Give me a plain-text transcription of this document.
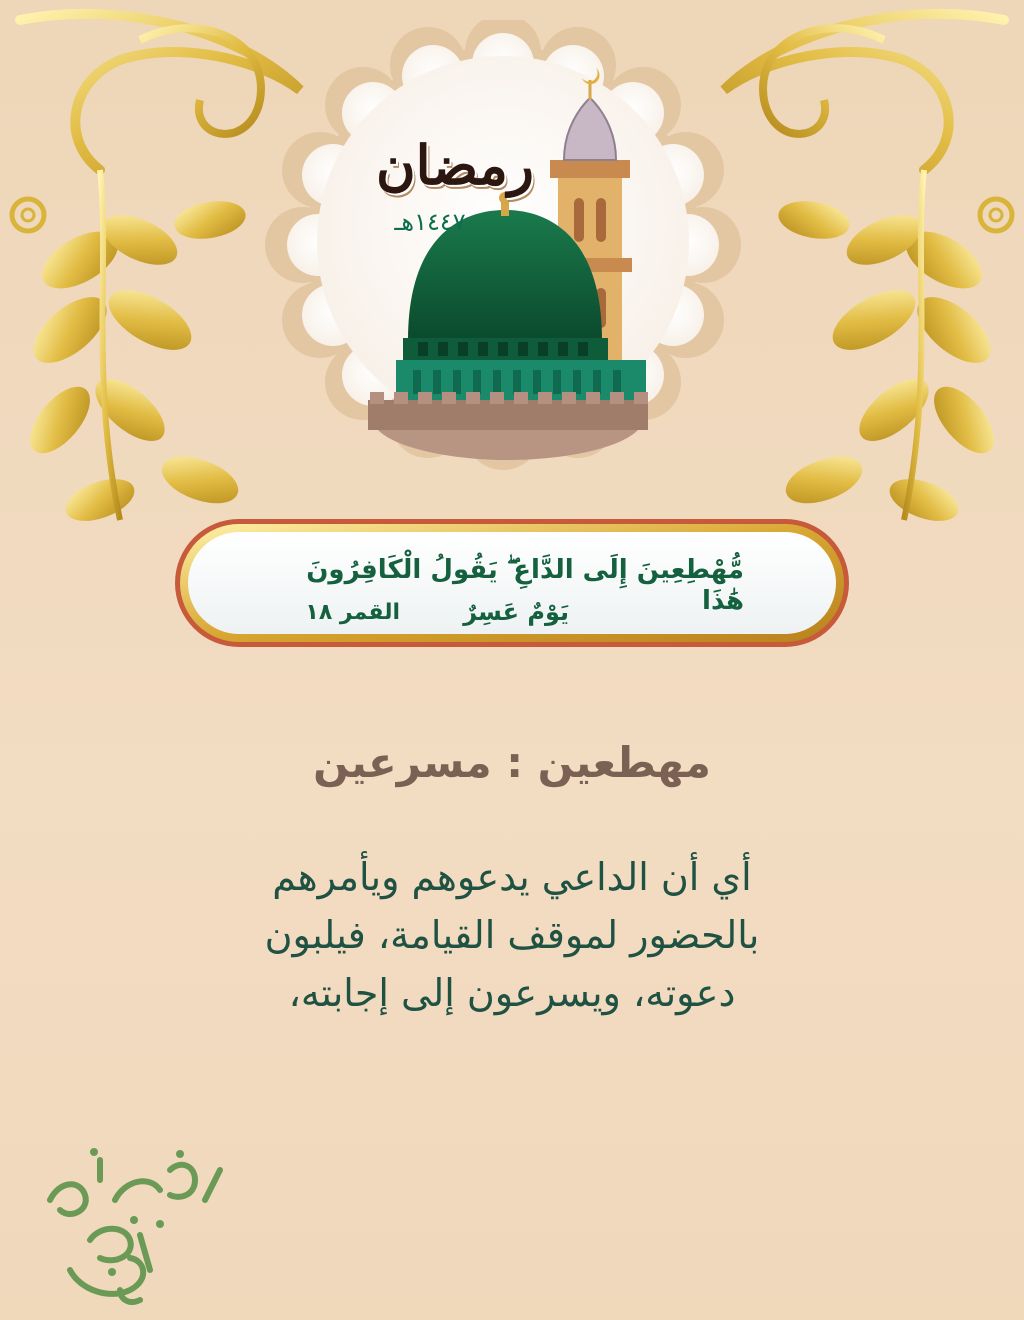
رمضان
١٤٤٧هـ
مُّهْطِعِينَ إِلَى الدَّاعِ ۖ يَقُولُ الْكَافِرُونَ هَٰذَا
يَوْمٌ عَسِرٌ
القمر ١٨
مهطعين : مسرعين
أي أن الداعي يدعوهم ويأمرهم
بالحضور لموقف القيامة، فيلبون
دعوته، ويسرعون إلى إجابته،
